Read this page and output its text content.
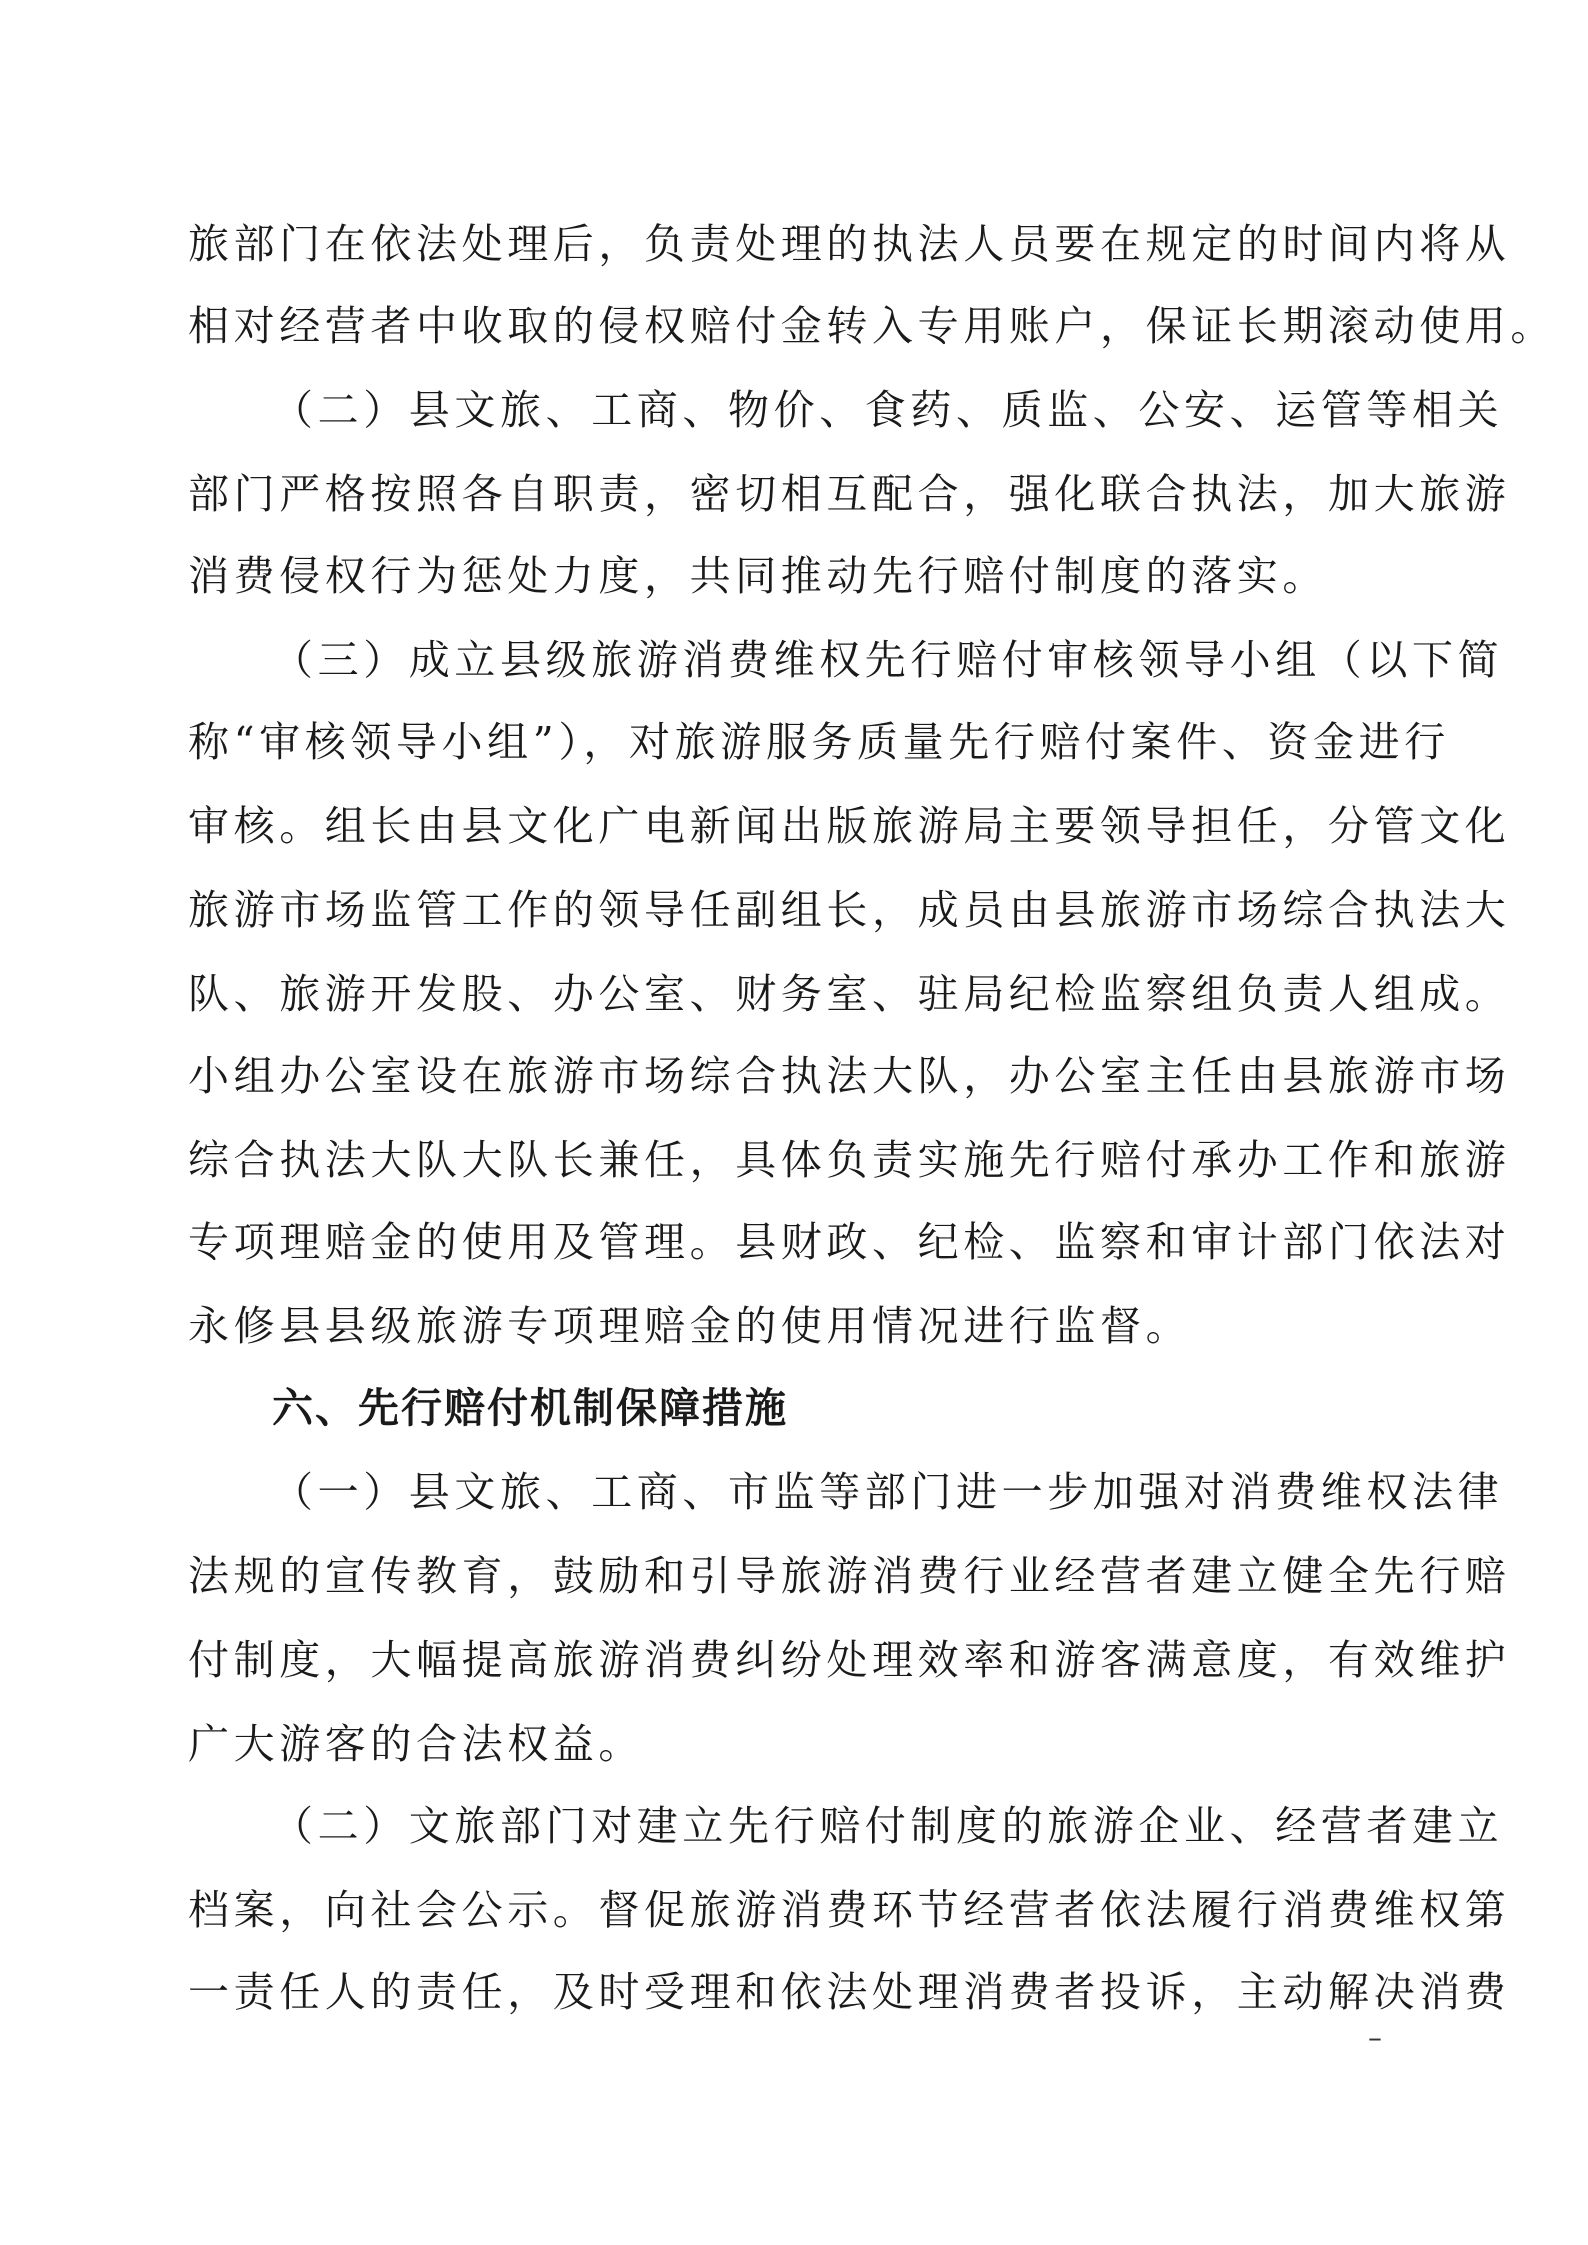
旅部门在依法处理后，负责处理的执法人员要在规定的时间内将从
相对经营者中收取的侵权赔付金转入专用账户，保证长期滚动使用。
（二）县文旅、工商、物价、食药、质监、公安、运管等相关
部门严格按照各自职责，密切相互配合，强化联合执法，加大旅游
消费侵权行为惩处力度，共同推动先行赔付制度的落实。
（三）成立县级旅游消费维权先行赔付审核领导小组（以下简
称“审核领导小组”），对旅游服务质量先行赔付案件、资金进行
审核。组长由县文化广电新闻出版旅游局主要领导担任，分管文化
旅游市场监管工作的领导任副组长，成员由县旅游市场综合执法大
队、旅游开发股、办公室、财务室、驻局纪检监察组负责人组成。
小组办公室设在旅游市场综合执法大队，办公室主任由县旅游市场
综合执法大队大队长兼任，具体负责实施先行赔付承办工作和旅游
专项理赔金的使用及管理。县财政、纪检、监察和审计部门依法对
永修县县级旅游专项理赔金的使用情况进行监督。
六、先行赔付机制保障措施
（一）县文旅、工商、市监等部门进一步加强对消费维权法律
法规的宣传教育，鼓励和引导旅游消费行业经营者建立健全先行赔
付制度，大幅提高旅游消费纠纷处理效率和游客满意度，有效维护
广大游客的合法权益。
（二）文旅部门对建立先行赔付制度的旅游企业、经营者建立
档案，向社会公示。督促旅游消费环节经营者依法履行消费维权第
一责任人的责任，及时受理和依法处理消费者投诉，主动解决消费
–
